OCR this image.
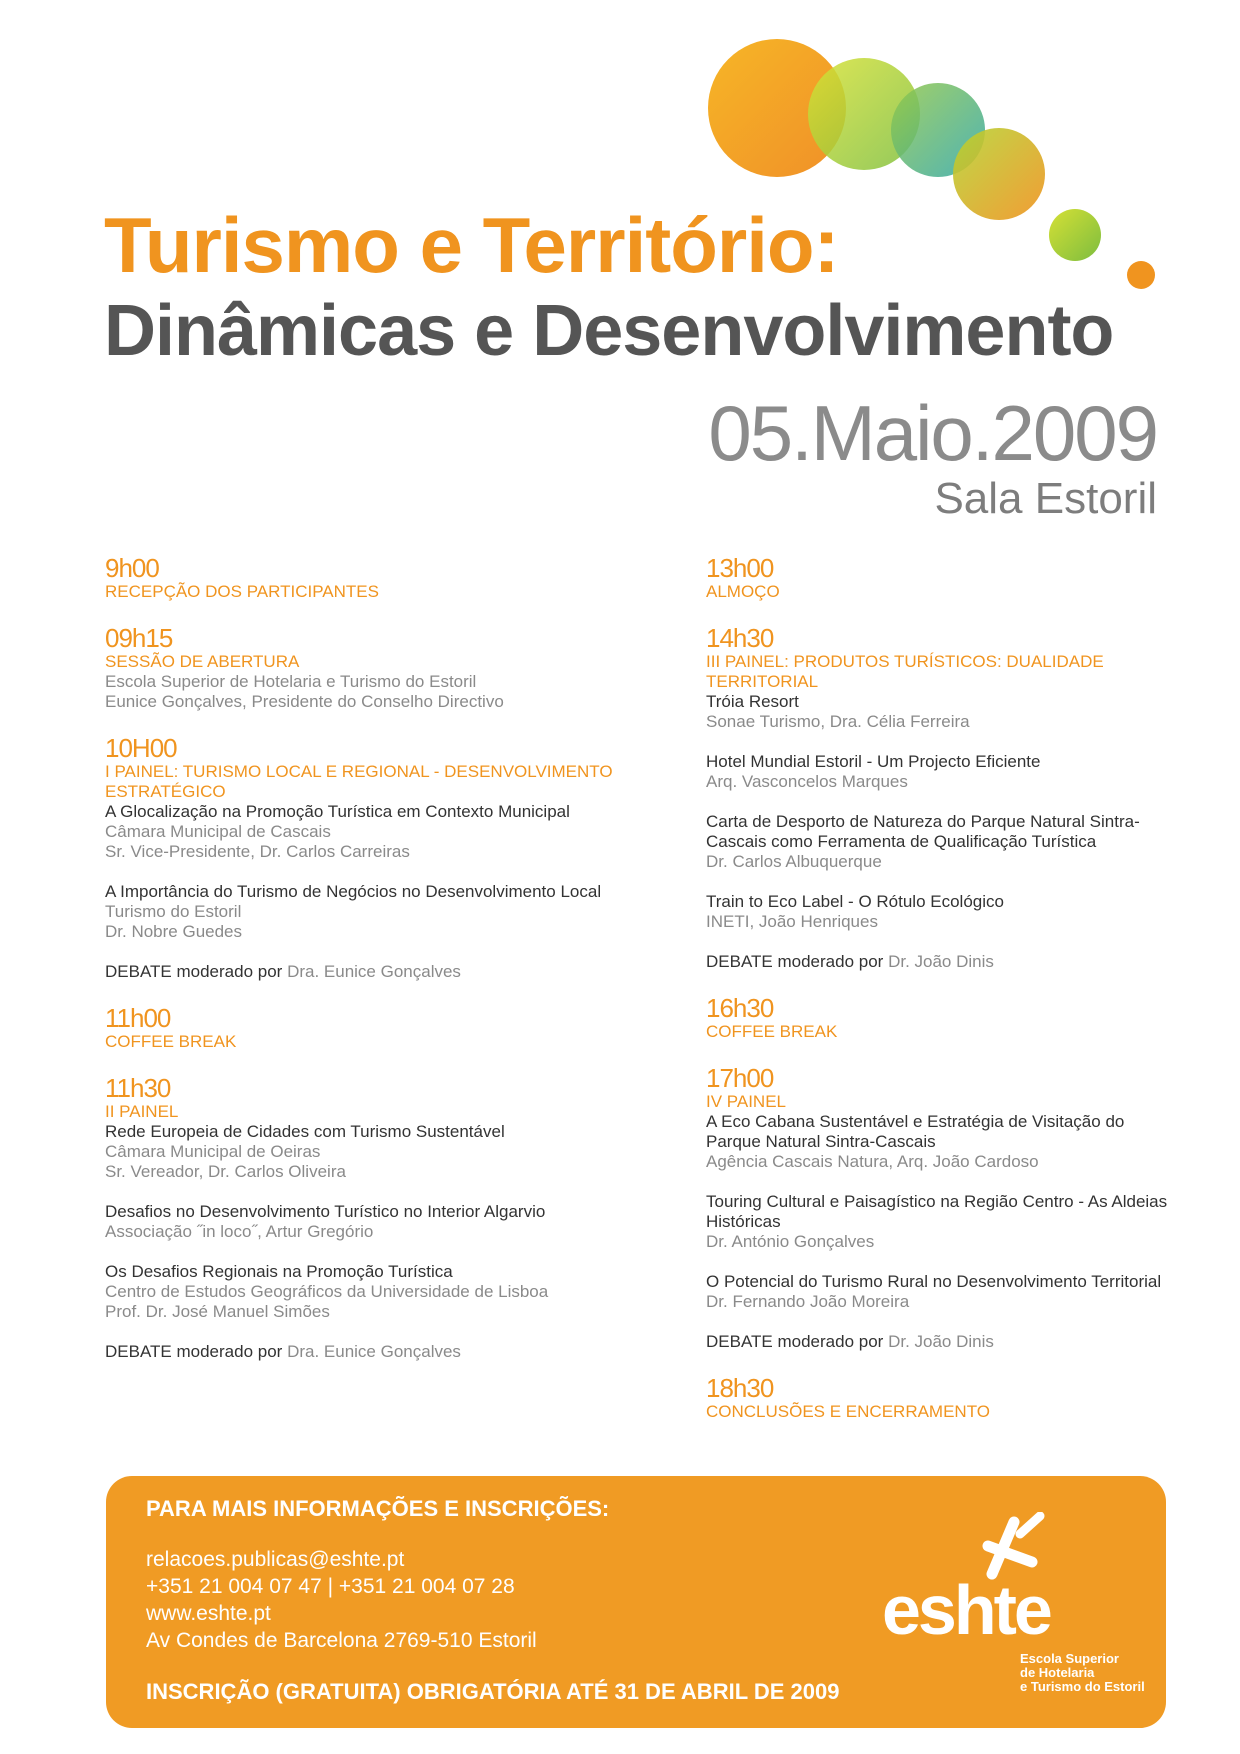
Turismo e Território:
Dinâmicas e Desenvolvimento
05.Maio.2009
Sala Estoril
9h00
RECEPÇÃO DOS PARTICIPANTES
09h15
SESSÃO DE ABERTURA
Escola Superior de Hotelaria e Turismo do Estoril
Eunice Gonçalves, Presidente do Conselho Directivo
10H00
I PAINEL: TURISMO LOCAL E REGIONAL - DESENVOLVIMENTO ESTRATÉGICO
A Glocalização na Promoção Turística em Contexto Municipal
Câmara Municipal de Cascais
Sr. Vice-Presidente, Dr. Carlos Carreiras
A Importância do Turismo de Negócios no Desenvolvimento Local
Turismo do Estoril
Dr. Nobre Guedes
DEBATE moderado por Dra. Eunice Gonçalves
11h00
COFFEE BREAK
11h30
II PAINEL
Rede Europeia de Cidades com Turismo Sustentável
Câmara Municipal de Oeiras
Sr. Vereador, Dr. Carlos Oliveira
Desafios no Desenvolvimento Turístico no Interior Algarvio
Associação ˝in loco˝, Artur Gregório
Os Desafios Regionais na Promoção Turística
Centro de Estudos Geográficos da Universidade de Lisboa
Prof. Dr. José Manuel Simões
DEBATE moderado por Dra. Eunice Gonçalves
13h00
ALMOÇO
14h30
III PAINEL: PRODUTOS TURÍSTICOS: DUALIDADE TERRITORIAL
Tróia Resort
Sonae Turismo, Dra. Célia Ferreira
Hotel Mundial Estoril - Um Projecto Eficiente
Arq. Vasconcelos Marques
Carta de Desporto de Natureza do Parque Natural Sintra-Cascais como Ferramenta de Qualificação Turística
Dr. Carlos Albuquerque
Train to Eco Label - O Rótulo Ecológico
INETI, João Henriques
DEBATE moderado por Dr. João Dinis
16h30
COFFEE BREAK
17h00
IV PAINEL
A Eco Cabana Sustentável e Estratégia de Visitação do Parque Natural Sintra-Cascais
Agência Cascais Natura, Arq. João Cardoso
Touring Cultural e Paisagístico na Região Centro - As Aldeias Históricas
Dr. António Gonçalves
O Potencial do Turismo Rural no Desenvolvimento Territorial
Dr. Fernando João Moreira
DEBATE moderado por Dr. João Dinis
18h30
CONCLUSÕES E ENCERRAMENTO
PARA MAIS INFORMAÇÕES E INSCRIÇÕES:
relacoes.publicas@eshte.pt
+351 21 004 07 47 | +351 21 004 07 28
www.eshte.pt
Av Condes de Barcelona 2769-510 Estoril
INSCRIÇÃO (GRATUITA) OBRIGATÓRIA ATÉ 31 DE ABRIL DE 2009
eshte
Escola Superior
de Hotelaria
e Turismo do Estoril
